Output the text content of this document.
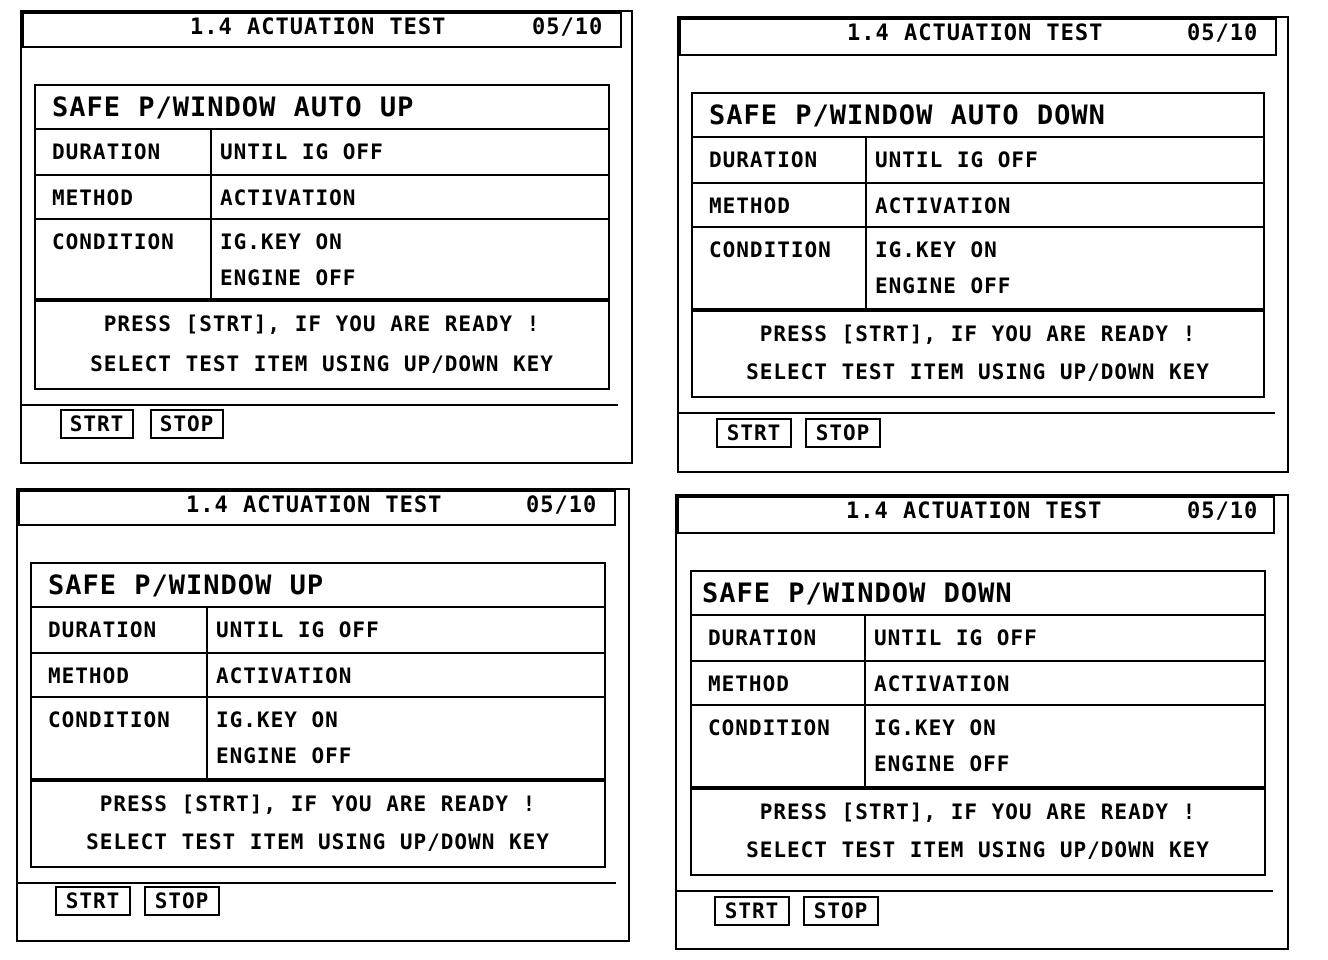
1.4 ACTUATION TEST	05/10
SAFE P/WINDOW AUTO UP
DURATION	UNTIL IG OFF
METHOD	ACTIVATION
CONDITION IG.KEY ON
ENGINE OFF
PRESS [STRT], IF YOU ARE READY !
SELECT TEST ITEM USING UP/DOWN KEY
STRT	STOP
1.4 ACTUATION TEST	05/10
SAFE P/WINDOW AUTO DOWN
DURATION	UNTIL IG OFF
METHOD	ACTIVATION
CONDITION IG.KEY ON
ENGINE OFF
PRESS [STRT], IF YOU ARE READY !
SELECT TEST ITEM USING UP/DOWN KEY
STRT	STOP
1.4 ACTUATION TEST	05/10
SAFE P/WINDOW UP
DURATION	UNTIL IG OFF
METHOD	ACTIVATION
CONDITION IG.KEY ON
ENGINE OFF
PRESS [STRT], IF YOU ARE READY !
SELECT TEST ITEM USING UP/DOWN KEY
STRT	STOP
1.4 ACTUATION TEST	05/10
SAFE P/WINDOW DOWN
DURATION	UNTIL IG OFF
METHOD	ACTIVATION
CONDITION IG.KEY ON
ENGINE OFF
PRESS [STRT], IF YOU ARE READY !
SELECT TEST ITEM USING UP/DOWN KEY
STRT	STOP
